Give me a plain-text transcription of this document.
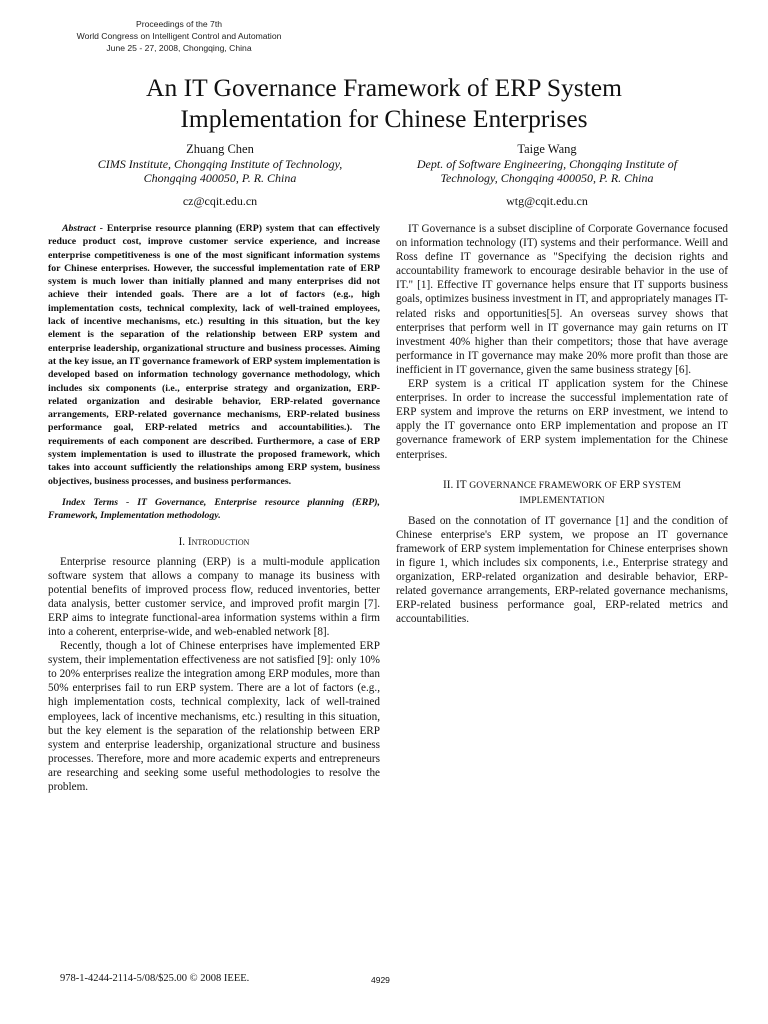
Proceedings of the 7th
World Congress on Intelligent Control and Automation
June 25 - 27, 2008, Chongqing, China
An IT Governance Framework of ERP System
Implementation for Chinese Enterprises
Zhuang Chen
CIMS Institute, Chongqing Institute of Technology,
Chongqing 400050, P. R. China
cz@cqit.edu.cn
Taige Wang
Dept. of Software Engineering, Chongqing Institute of
Technology, Chongqing 400050, P. R. China
wtg@cqit.edu.cn

Abstract - Enterprise resource planning (ERP) system that can effectively reduce product cost, improve customer service experience, and increase enterprise competitiveness is one of the most significant information systems for Chinese enterprises. However, the successful implementation rate of ERP system is much lower than initially planned and many enterprises did not achieve their intended goals. There are a lot of factors (e.g., high implementation costs, technical complexity, lack of well-trained employees, lack of incentive mechanisms, etc.) resulting in this situation, but the key element is the separation of the relationship between ERP system and enterprise leadership, organizational structure and business processes. Aiming at the key issue, an IT governance framework of ERP system implementation is developed based on information technology governance methodology, which includes six components (i.e., enterprise strategy and organization, ERP-related organization and desirable behavior, ERP-related governance arrangements, ERP-related governance mechanisms, ERP-related business performance goal, ERP-related metrics and accountabilities.). The requirements of each component are described. Furthermore, a case of ERP system implementation is used to illustrate the proposed framework, which takes into account sufficiently the relationships among ERP system, business objectives, business processes, and business performances.

Index Terms - IT Governance, Enterprise resource planning (ERP), Framework, Implementation methodology.

I. Introduction

Enterprise resource planning (ERP) is a multi-module application software system that allows a company to manage its business with potential benefits of improved process flow, reduced inventories, better data analysis, better customer service, and improved profit margin [7]. ERP aims to integrate functional-area information systems within a firm into a coherent, enterprise-wide, and web-enabled network [8].

Recently, though a lot of Chinese enterprises have implemented ERP system, their implementation effectiveness are not satisfied [9]: only 10% to 20% enterprises realize the integration among ERP modules, more than 50% enterprises fail to run ERP system. There are a lot of factors (e.g., high implementation costs, technical complexity, lack of well-trained employees, lack of incentive mechanisms, etc.) resulting in this situation, but the key element is the separation of the relationship between ERP system and enterprise leadership, organizational structure and business processes. Therefore, more and more academic experts and entrepreneurs are researching and seeking some useful methodologies to resolve the problem.

IT Governance is a subset discipline of Corporate Governance focused on information technology (IT) systems and their performance. Weill and Ross define IT governance as "Specifying the decision rights and accountability framework to encourage desirable behavior in the use of IT." [1]. Effective IT governance helps ensure that IT supports business goals, optimizes business investment in IT, and appropriately manages IT-related risks and opportunities[5]. An overseas survey shows that enterprises that perform well in IT governance may gain returns on IT investment 40% higher than their competitors; those that have average performance in IT governance may make 20% more profit than those are inefficient in IT governance, given the same business strategy [6].

ERP system is a critical IT application system for the Chinese enterprises. In order to increase the successful implementation rate of ERP system and improve the returns on ERP investment, we intend to apply the IT governance onto ERP implementation and propose an IT governance framework of ERP system implementation for the Chinese enterprises.

II. IT GOVERNANCE FRAMEWORK OF ERP SYSTEM
IMPLEMENTATION

Based on the connotation of IT governance [1] and the condition of Chinese enterprise's ERP system, we propose an IT governance framework of ERP system implementation for Chinese enterprises shown in figure 1, which includes six components, i.e., Enterprise strategy and organization, ERP-related organization and desirable behavior, ERP-related governance arrangements, ERP-related governance mechanisms, ERP-related business performance goal, ERP-related metrics and accountabilities.

978-1-4244-2114-5/08/$25.00 © 2008 IEEE.	4929
